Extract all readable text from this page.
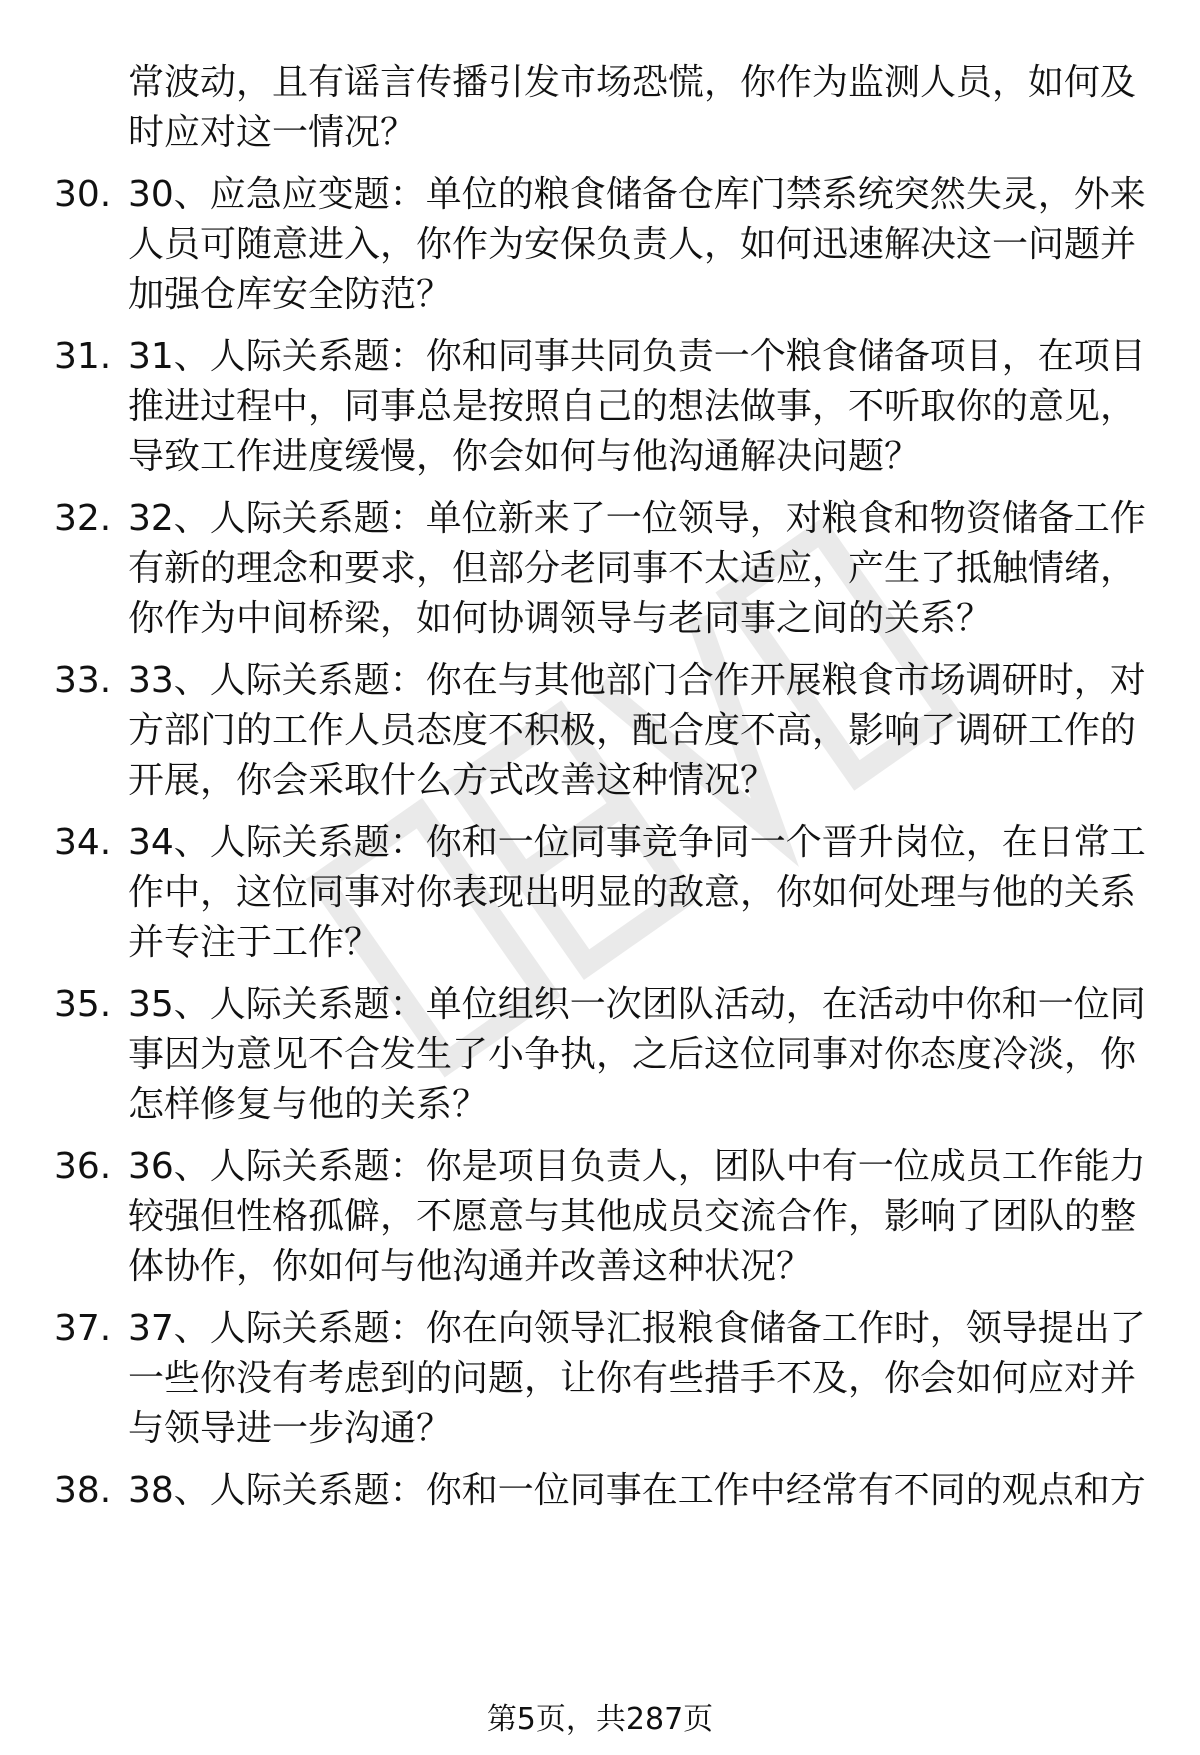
常波动，且有谣言传播引发市场恐慌，你作为监测人员，如何及
时应对这一情况？
30. 30、应急应变题：单位的粮食储备仓库门禁系统突然失灵，外来
人员可随意进入，你作为安保负责人，如何迅速解决这一问题并
加强仓库安全防范？
31. 31、人际关系题：你和同事共同负责一个粮食储备项目，在项目
推进过程中，同事总是按照自己的想法做事，不听取你的意见，
导致工作进度缓慢，你会如何与他沟通解决问题？
32. 32、人际关系题：单位新来了一位领导，对粮食和物资储备工作
有新的理念和要求，但部分老同事不太适应，产生了抵触情绪，
你作为中间桥梁，如何协调领导与老同事之间的关系？
33. 33、人际关系题：你在与其他部门合作开展粮食市场调研时，对
方部门的工作人员态度不积极，配合度不高，影响了调研工作的
开展，你会采取什么方式改善这种情况？
34. 34、人际关系题：你和一位同事竞争同一个晋升岗位，在日常工
作中，这位同事对你表现出明显的敌意，你如何处理与他的关系
并专注于工作？
35. 35、人际关系题：单位组织一次团队活动，在活动中你和一位同
事因为意见不合发生了小争执，之后这位同事对你态度冷淡，你
怎样修复与他的关系？
36. 36、人际关系题：你是项目负责人，团队中有一位成员工作能力
较强但性格孤僻，不愿意与其他成员交流合作，影响了团队的整
体协作，你如何与他沟通并改善这种状况？
37. 37、人际关系题：你在向领导汇报粮食储备工作时，领导提出了
一些你没有考虑到的问题，让你有些措手不及，你会如何应对并
与领导进一步沟通？
38. 38、人际关系题：你和一位同事在工作中经常有不同的观点和方
第5页，共287页
